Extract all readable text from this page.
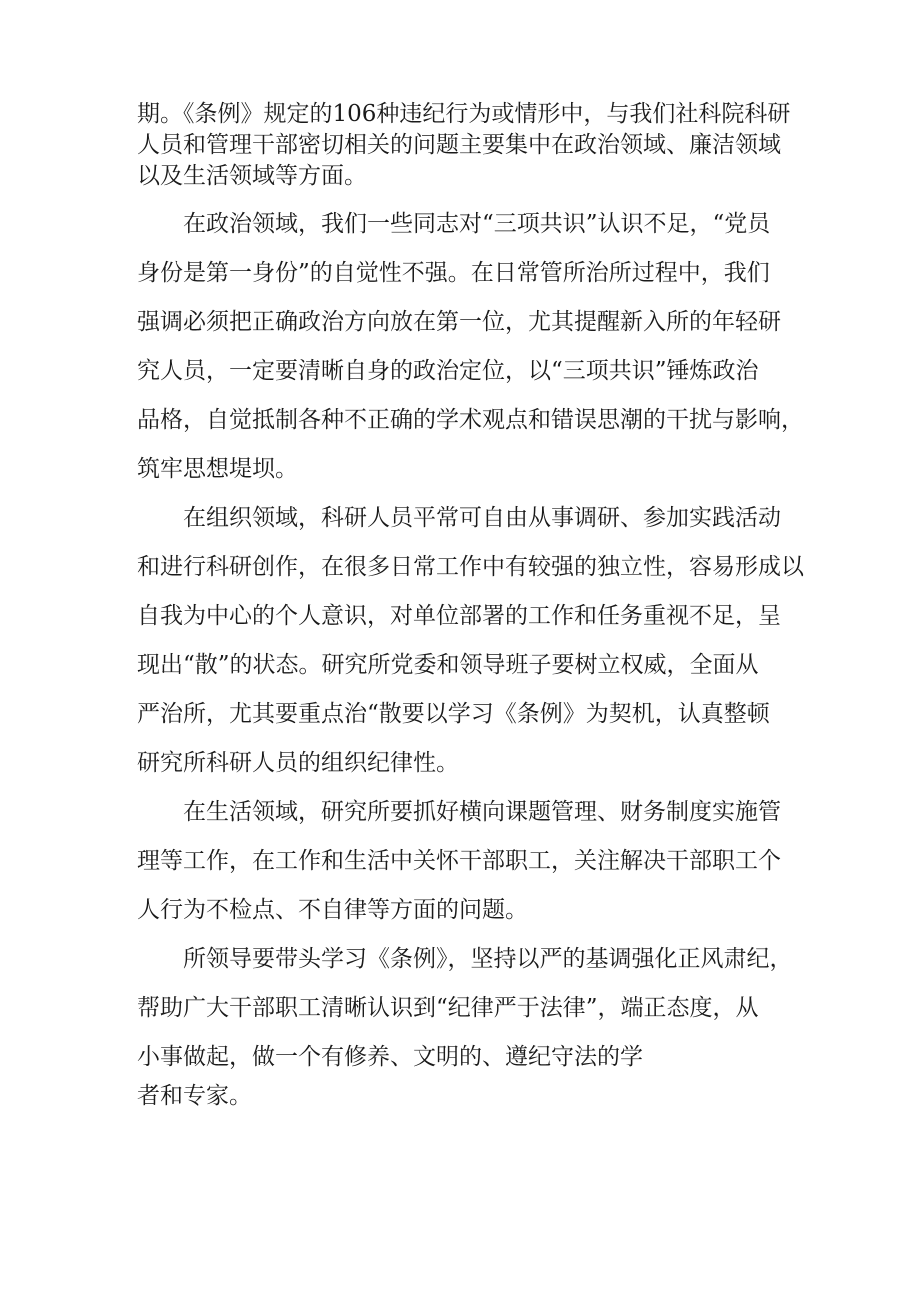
期。《条例》规定的106种违纪行为或情形中，与我们社科院科研
人员和管理干部密切相关的问题主要集中在政治领域、廉洁领域
以及生活领域等方面。
在政治领域，我们一些同志对“三项共识”认识不足，“党员
身份是第一身份”的自觉性不强。在日常管所治所过程中，我们
强调必须把正确政治方向放在第一位，尤其提醒新入所的年轻研
究人员，一定要清晰自身的政治定位，以“三项共识”锤炼政治
品格，自觉抵制各种不正确的学术观点和错误思潮的干扰与影响，
筑牢思想堤坝。
在组织领域，科研人员平常可自由从事调研、参加实践活动
和进行科研创作，在很多日常工作中有较强的独立性，容易形成以
自我为中心的个人意识，对单位部署的工作和任务重视不足，呈
现出“散”的状态。研究所党委和领导班子要树立权威，全面从
严治所，尤其要重点治“散要以学习《条例》为契机，认真整顿
研究所科研人员的组织纪律性。
在生活领域，研究所要抓好横向课题管理、财务制度实施管
理等工作，在工作和生活中关怀干部职工，关注解决干部职工个
人行为不检点、不自律等方面的问题。
所领导要带头学习《条例》，坚持以严的基调强化正风肃纪，
帮助广大干部职工清晰认识到“纪律严于法律”，端正态度，从
小事做起，做一个有修养、文明的、遵纪守法的学
者和专家。
